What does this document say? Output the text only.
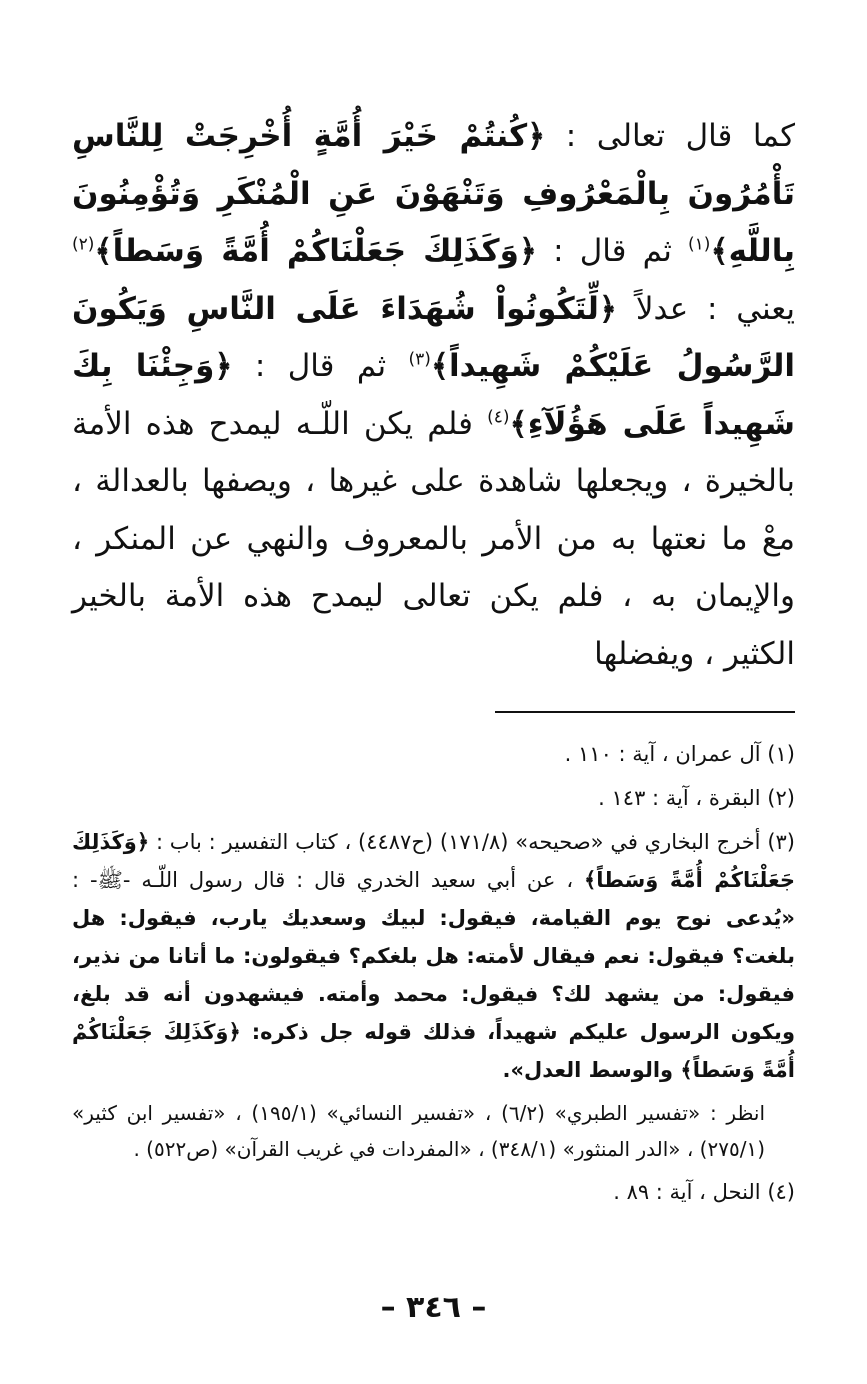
كما قال تعالى : ﴿كُنتُمْ خَيْرَ أُمَّةٍ أُخْرِجَتْ لِلنَّاسِ تَأْمُرُونَ بِالْمَعْرُوفِ وَتَنْهَوْنَ عَنِ الْمُنْكَرِ وَتُؤْمِنُونَ بِاللَّهِ﴾$^{(١)}$ ثم قال : ﴿وَكَذَلِكَ جَعَلْنَاكُمْ أُمَّةً وَسَطاً﴾$^{(٢)}$ يعني : عدلاً ﴿لِّتَكُونُواْ شُهَدَاءَ عَلَى النَّاسِ وَيَكُونَ الرَّسُولُ عَلَيْكُمْ شَهِيداً﴾$^{(٣)}$ ثم قال : ﴿وَجِئْنَا بِكَ شَهِيداً عَلَى هَؤُلَآءِ﴾$^{(٤)}$ فلم يكن اللّـه ليمدح هذه الأمة بالخيرة ، ويجعلها شاهدة على غيرها ، ويصفها بالعدالة ، معْ ما نعتها به من الأمر بالمعروف والنهي عن المنكر ، والإيمان به ، فلم يكن تعالى ليمدح هذه الأمة بالخير الكثير ، ويفضلها
(١) آل عمران ، آية : ١١٠ .
(٢) البقرة ، آية : ١٤٣ .
(٣) أخرج البخاري في «صحيحه» (١٧١/٨) (ح٤٤٨٧) ، كتاب التفسير : باب : ﴿وَكَذَلِكَ جَعَلْنَاكُمْ أُمَّةً وَسَطاً﴾ ، عن أبي سعيد الخدري قال : قال رسول اللّـه -ﷺ- : «يُدعى نوح يوم القيامة، فيقول: لبيك وسعديك يارب، فيقول: هل بلغت؟ فيقول: نعم فيقال لأمته: هل بلغكم؟ فيقولون: ما أتانا من نذير، فيقول: من يشهد لك؟ فيقول: محمد وأمته. فيشهدون أنه قد بلغ، ويكون الرسول عليكم شهيداً، فذلك قوله جل ذكره: ﴿وَكَذَلِكَ جَعَلْنَاكُمْ أُمَّةً وَسَطاً﴾ والوسط العدل».
انظر : «تفسير الطبري» (٦/٢) ، «تفسير النسائي» (١٩٥/١) ، «تفسير ابن كثير» (٢٧٥/١) ، «الدر المنثور» (٣٤٨/١) ، «المفردات في غريب القرآن» (ص٥٢٢) .
(٤) النحل ، آية : ٨٩ .
– ٣٤٦ –
